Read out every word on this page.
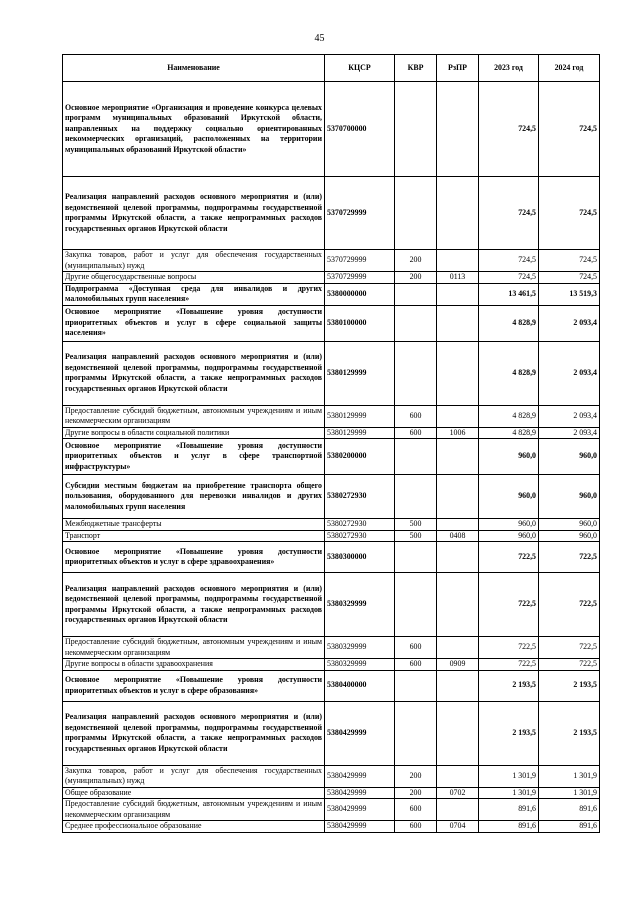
45
Наименование	КЦСР	КВР	РзПР	2023 год	2024 год
Основное мероприятие «Организация и проведение конкурса целевых программ муниципальных образований Иркутской области, направленных на поддержку социально ориентированных некоммерческих организаций, расположенных на территории муниципальных образований Иркутской области»	5370700000			724,5	724,5
Реализация направлений расходов основного мероприятия и (или) ведомственной целевой программы, подпрограммы государственной программы Иркутской области, а также непрограммных расходов государственных органов Иркутской области	5370729999			724,5	724,5
Закупка товаров, работ и услуг для обеспечения государственных (муниципальных) нужд	5370729999	200		724,5	724,5
Другие общегосударственные вопросы	5370729999	200	0113	724,5	724,5
Подпрограмма «Доступная среда для инвалидов и других маломобильных групп населения»	5380000000			13 461,5	13 519,3
Основное мероприятие «Повышение уровня доступности приоритетных объектов и услуг в сфере социальной защиты населения»	5380100000			4 828,9	2 093,4
Реализация направлений расходов основного мероприятия и (или) ведомственной целевой программы, подпрограммы государственной программы Иркутской области, а также непрограммных расходов государственных органов Иркутской области	5380129999			4 828,9	2 093,4
Предоставление субсидий бюджетным, автономным учреждениям и иным некоммерческим организациям	5380129999	600		4 828,9	2 093,4
Другие вопросы в области социальной политики	5380129999	600	1006	4 828,9	2 093,4
Основное мероприятие «Повышение уровня доступности приоритетных объектов и услуг в сфере транспортной инфраструктуры»	5380200000			960,0	960,0
Субсидии местным бюджетам на приобретение транспорта общего пользования, оборудованного для перевозки инвалидов и других маломобильных групп населения	5380272930			960,0	960,0
Межбюджетные трансферты	5380272930	500		960,0	960,0
Транспорт	5380272930	500	0408	960,0	960,0
Основное мероприятие «Повышение уровня доступности приоритетных объектов и услуг в сфере здравоохранения»	5380300000			722,5	722,5
Реализация направлений расходов основного мероприятия и (или) ведомственной целевой программы, подпрограммы государственной программы Иркутской области, а также непрограммных расходов государственных органов Иркутской области	5380329999			722,5	722,5
Предоставление субсидий бюджетным, автономным учреждениям и иным некоммерческим организациям	5380329999	600		722,5	722,5
Другие вопросы в области здравоохранения	5380329999	600	0909	722,5	722,5
Основное мероприятие «Повышение уровня доступности приоритетных объектов и услуг в сфере образования»	5380400000			2 193,5	2 193,5
Реализация направлений расходов основного мероприятия и (или) ведомственной целевой программы, подпрограммы государственной программы Иркутской области, а также непрограммных расходов государственных органов Иркутской области	5380429999			2 193,5	2 193,5
Закупка товаров, работ и услуг для обеспечения государственных (муниципальных) нужд	5380429999	200		1 301,9	1 301,9
Общее образование	5380429999	200	0702	1 301,9	1 301,9
Предоставление субсидий бюджетным, автономным учреждениям и иным некоммерческим организациям	5380429999	600		891,6	891,6
Среднее профессиональное образование	5380429999	600	0704	891,6	891,6
